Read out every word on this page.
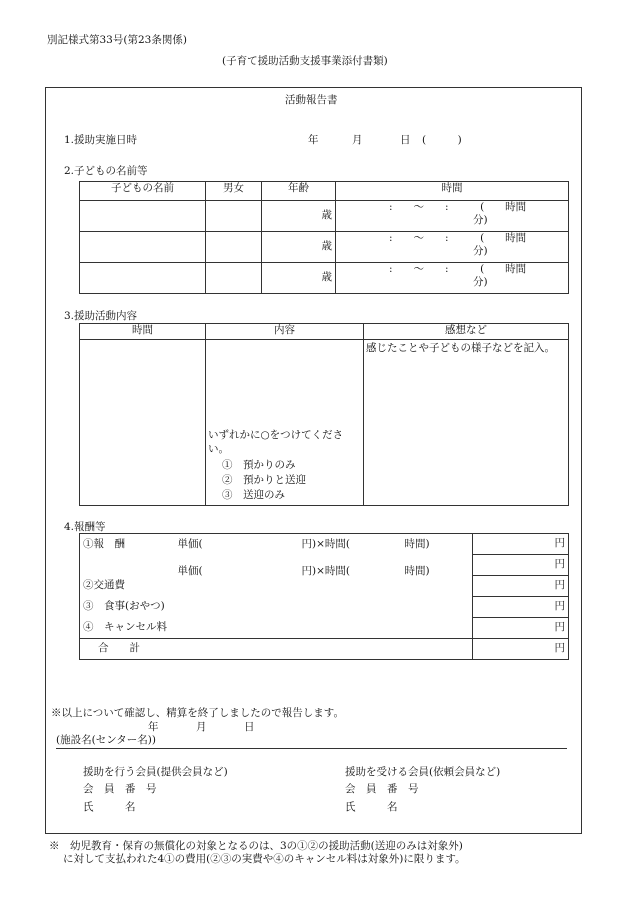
別記様式第33号(第23条関係)
(子育て援助活動支援事業添付書類)
活動報告書
1.援助実施日時	年	月	日 (　　　)
2.子どもの名前等
子どもの名前	男女	年齢	時間
		歳	:　　～　　:　　　(　　時間
分)

		歳	:　　～　　:　　　(　　時間
分)

		歳	:　　～　　:　　　(　　時間
分)
3.援助活動内容
時間	内容	感想など

	いずれかに○をつけてください。
①　預かりのみ
②　預かりと送迎
③　送迎のみ	感じたことや子どもの様子などを記入。
4.報酬等
①報　酬 単価( 円)×時間( 時間)	円

単価( 円)×時間( 時間)	円
②交通費	円
③　食事(おやつ)	円
④　キャンセル料	円
合　　計	円
※以上について確認し、精算を終了しましたので報告します。
年	月	日
(施設名(センター名))
援助を行う会員(提供会員など)
会　員　番　号
氏　　　名
援助を受ける会員(依頼会員など)
会　員　番　号
氏　　　名
※　幼児教育・保育の無償化の対象となるのは、3の①②の援助活動(送迎のみは対象外)
に対して支払われた4①の費用(②③の実費や④のキャンセル料は対象外)に限ります。
